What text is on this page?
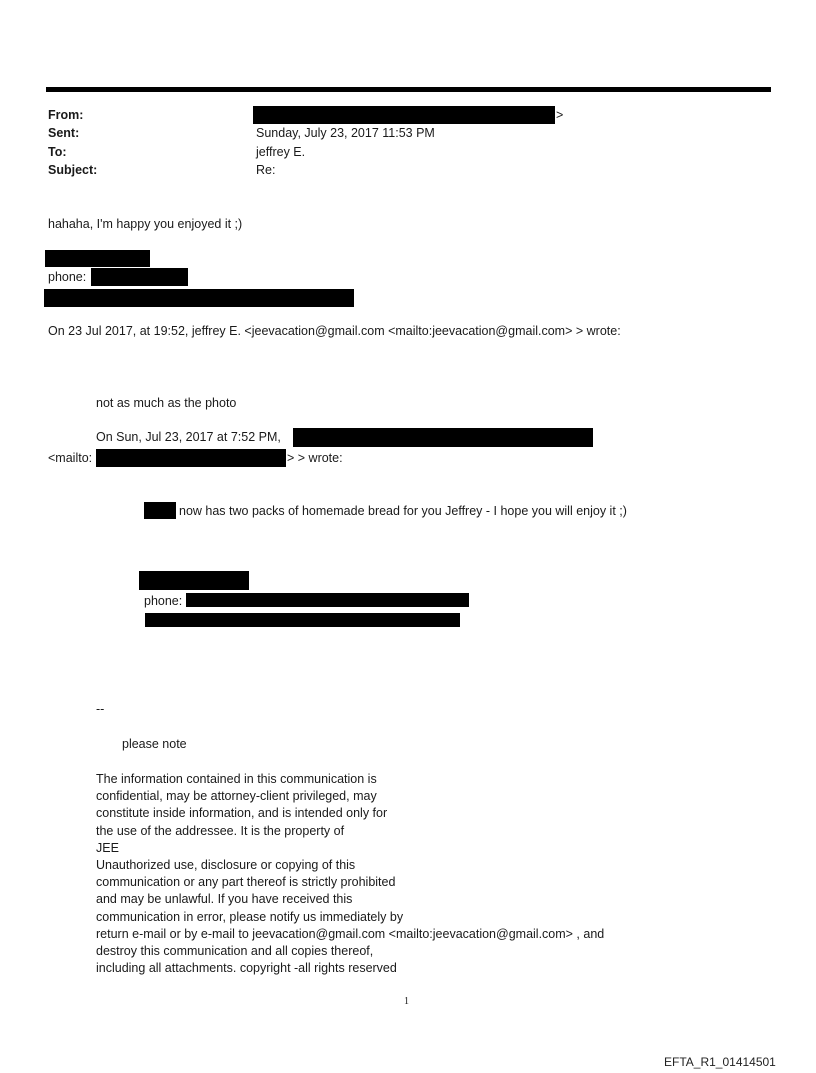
From:	>
Sent:	Sunday, July 23, 2017 11:53 PM
To:	jeffrey E.
Subject:	Re:
hahaha, I'm happy you enjoyed it ;)
phone:
On 23 Jul 2017, at 19:52, jeffrey E. <jeevacation@gmail.com <mailto:jeevacation@gmail.com> > wrote:
not as much as the photo
On Sun, Jul 23, 2017 at 7:52 PM,
<mailto:	> > wrote:
now has two packs of homemade bread for you Jeffrey - I hope you will enjoy it ;)
phone:
--
please note
The information contained in this communication is
confidential, may be attorney-client privileged, may
constitute inside information, and is intended only for
the use of the addressee. It is the property of
JEE
Unauthorized use, disclosure or copying of this
communication or any part thereof is strictly prohibited
and may be unlawful. If you have received this
communication in error, please notify us immediately by
return e-mail or by e-mail to jeevacation@gmail.com <mailto:jeevacation@gmail.com> , and
destroy this communication and all copies thereof,
including all attachments. copyright -all rights reserved
1
EFTA_R1_01414501
